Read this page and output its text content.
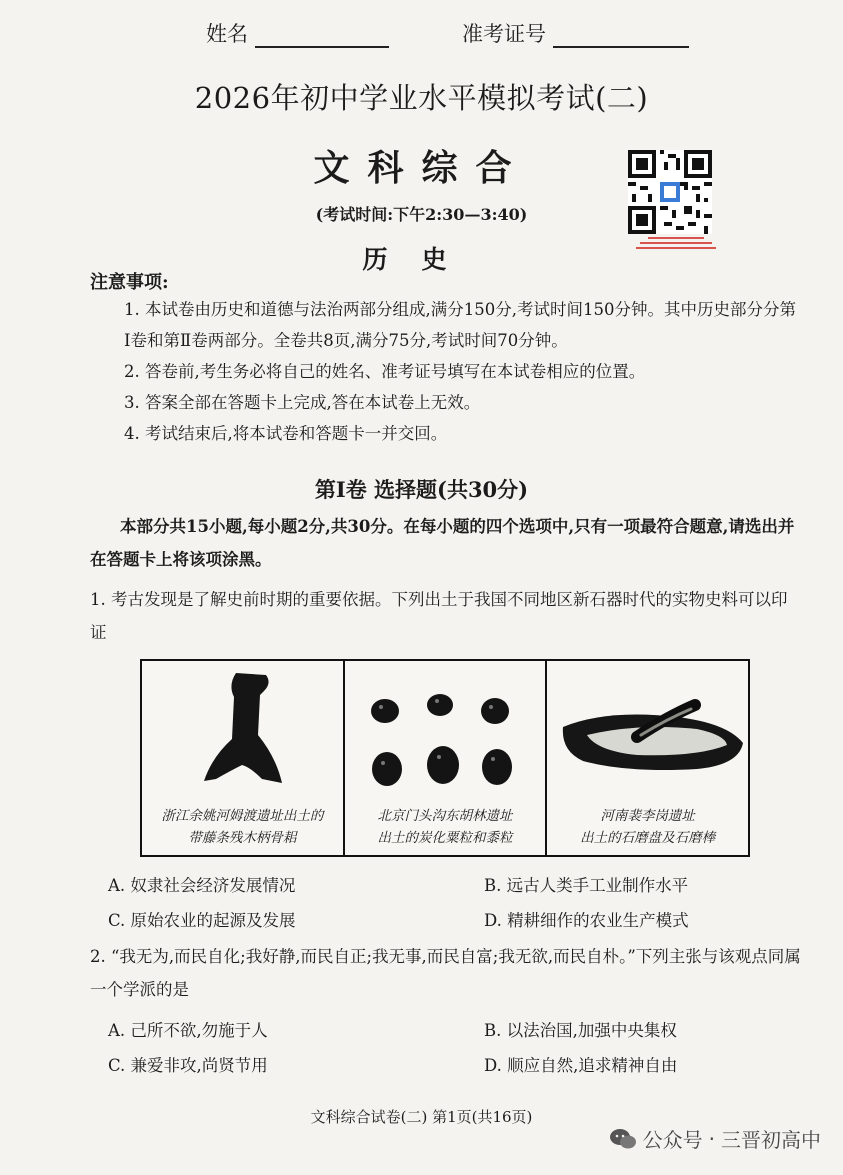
姓名	准考证号
2026年初中学业水平模拟考试(二)
文科综合
(考试时间:下午2:30—3:40)
历史
注意事项:
1. 本试卷由历史和道德与法治两部分组成,满分150分,考试时间150分钟。其中历史部分分第Ⅰ卷和第Ⅱ卷两部分。全卷共8页,满分75分,考试时间70分钟。
2. 答卷前,考生务必将自己的姓名、准考证号填写在本试卷相应的位置。
3. 答案全部在答题卡上完成,答在本试卷上无效。
4. 考试结束后,将本试卷和答题卡一并交回。
第Ⅰ卷 选择题(共30分)
本部分共15小题,每小题2分,共30分。在每小题的四个选项中,只有一项最符合题意,请选出并在答题卡上将该项涂黑。
1. 考古发现是了解史前时期的重要依据。下列出土于我国不同地区新石器时代的实物史料可以印证
浙江余姚河姆渡遗址出土的
带藤条残木柄骨耜
北京门头沟东胡林遗址
出土的炭化粟粒和黍粒
河南裴李岗遗址
出土的石磨盘及石磨棒
A. 奴隶社会经济发展情况	B. 远古人类手工业制作水平
C. 原始农业的起源及发展	D. 精耕细作的农业生产模式
2. “我无为,而民自化;我好静,而民自正;我无事,而民自富;我无欲,而民自朴。”下列主张与该观点同属一个学派的是
A. 己所不欲,勿施于人	B. 以法治国,加强中央集权
C. 兼爱非攻,尚贤节用	D. 顺应自然,追求精神自由
文科综合试卷(二) 第1页(共16页)
公众号 · 三晋初高中
